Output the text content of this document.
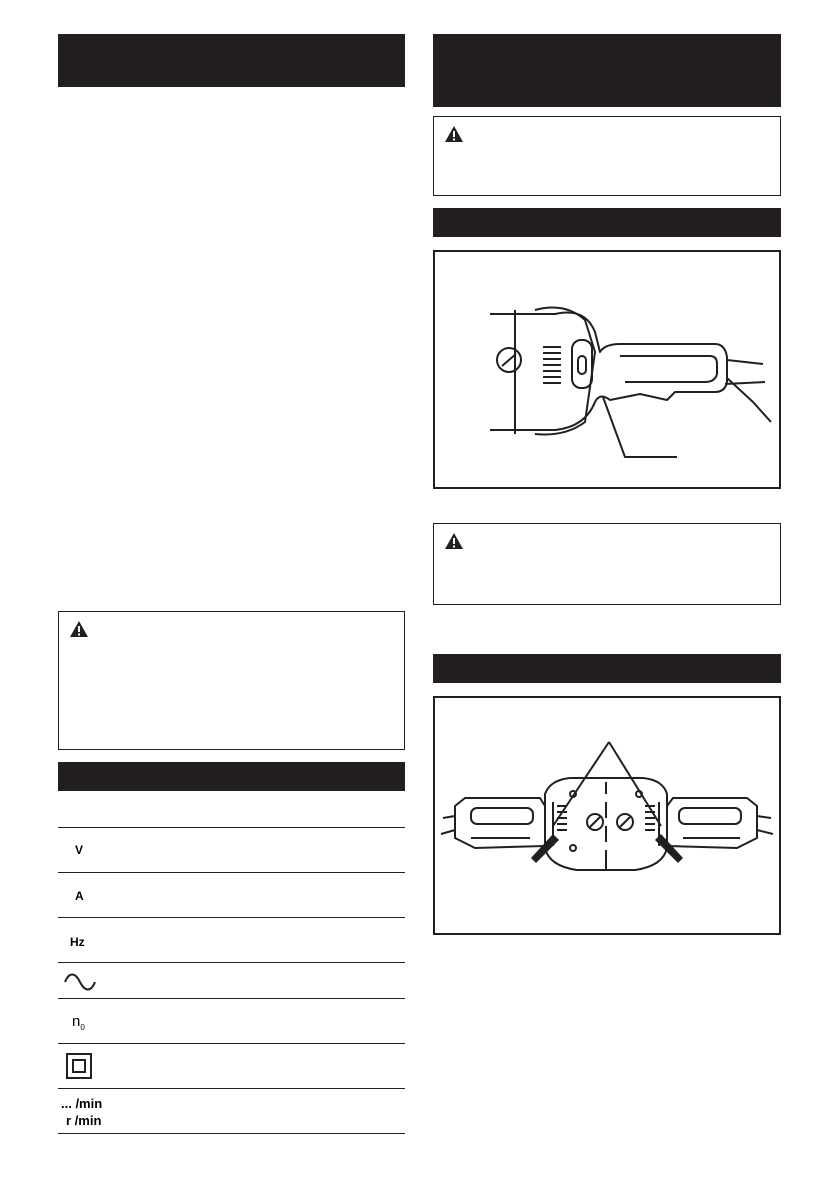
V
A
Hz
$n_0$
... /min
r /min
